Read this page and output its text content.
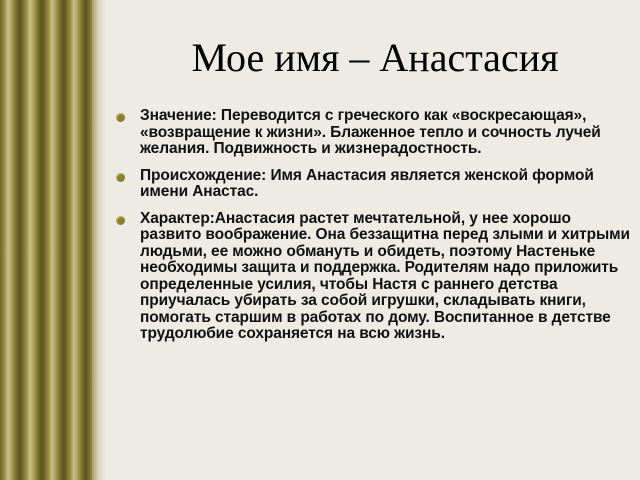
Мое имя – Анастасия
Значение: Переводится с греческого как «воскресающая», «возвращение к жизни». Блаженное тепло и сочность лучей желания. Подвижность и жизнерадостность.
Происхождение: Имя Анастасия является женской формой имени Анастас.
Характер:Анастасия растет мечтательной, у нее хорошо развито воображение. Она беззащитна перед злыми и хитрыми людьми, ее можно обмануть и обидеть, поэтому Настеньке необходимы защита и поддержка. Родителям надо приложить определенные усилия, чтобы Настя с раннего детства приучалась убирать за собой игрушки, складывать книги, помогать старшим в работах по дому. Воспитанное в детстве трудолюбие сохраняется на всю жизнь.
